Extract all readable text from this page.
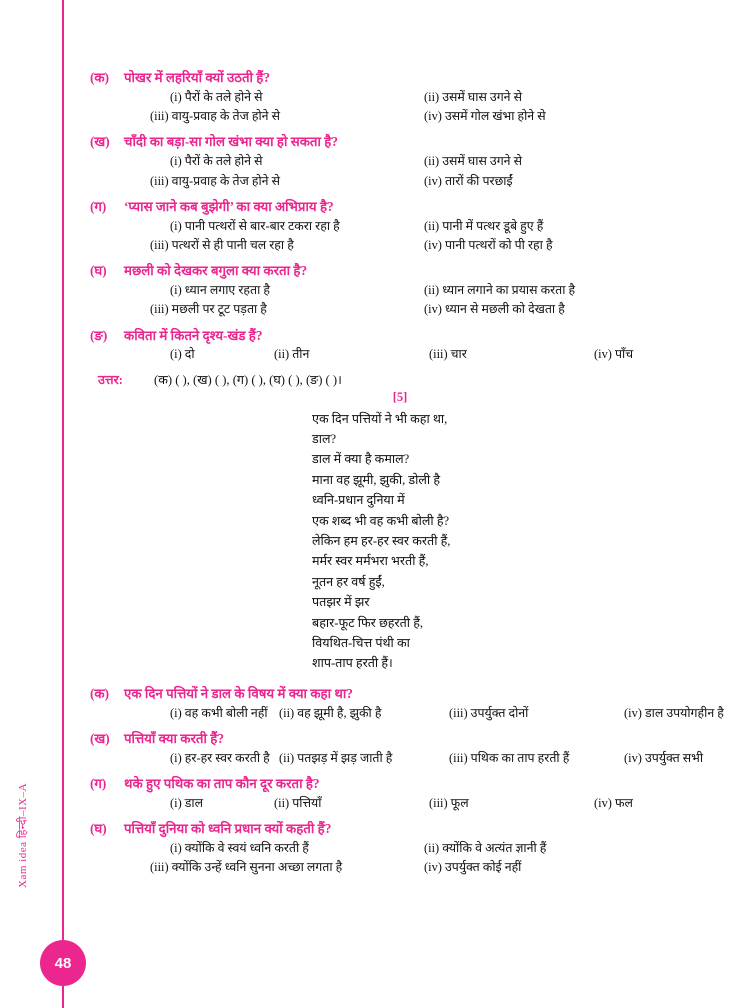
Xam idea हिन्दी–IX–A
48
(क)	पोखर में लहरियाँ क्यों उठती हैं?
(i) पैरों के तले होने से	(ii) उसमें घास उगने से
(iii) वायु-प्रवाह के तेज होने से	(iv) उसमें गोल खंभा होने से
(ख)	चाँदी का बड़ा-सा गोल खंभा क्या हो सकता है?
(i) पैरों के तले होने से	(ii) उसमें घास उगने से
(iii) वायु-प्रवाह के तेज होने से	(iv) तारों की परछाईं
(ग)	‘प्यास जाने कब बुझेगी’ का क्या अभिप्राय है?
(i) पानी पत्थरों से बार-बार टकरा रहा है	(ii) पानी में पत्थर डूबे हुए हैं
(iii) पत्थरों से ही पानी चल रहा है	(iv) पानी पत्थरों को पी रहा है
(घ)	मछली को देखकर बगुला क्या करता है?
(i) ध्यान लगाए रहता है	(ii) ध्यान लगाने का प्रयास करता है
(iii) मछली पर टूट पड़ता है	(iv) ध्यान से मछली को देखता है
(ङ)	कविता में कितने दृश्य-खंड हैं?
(i) दो	(ii) तीन	(iii) चार	(iv) पाँच
उत्तर:	(क) ( ), (ख) ( ), (ग) ( ), (घ) ( ), (ङ) ( )।
[5]
एक दिन पत्तियों ने भी कहा था,
डाल?
डाल में क्या है कमाल?
माना वह झूमी, झुकी, डोली है
ध्वनि-प्रधान दुनिया में
एक शब्द भी वह कभी बोली है?
लेकिन हम हर-हर स्वर करती हैं,
मर्मर स्वर मर्मभरा भरती हैं,
नूतन हर वर्ष हुईं,
पतझर में झर
बहार-फूट फिर छहरती हैं,
वियथित-चित्त पंथी का
शाप-ताप हरती हैं।
(क)	एक दिन पत्तियों ने डाल के विषय में क्या कहा था?
(i) वह कभी बोली नहीं (ii) वह झूमी है, झुकी है	(iii) उपर्युक्त दोनों	(iv) डाल उपयोगहीन है
(ख)	पत्तियाँ क्या करती हैं?
(i) हर-हर स्वर करती है (ii) पतझड़ में झड़ जाती है	(iii) पथिक का ताप हरती हैं	(iv) उपर्युक्त सभी
(ग)	थके हुए पथिक का ताप कौन दूर करता है?
(i) डाल	(ii) पत्तियाँ	(iii) फूल	(iv) फल
(घ)	पत्तियाँ दुनिया को ध्वनि प्रधान क्यों कहती हैं?
(i) क्योंकि वे स्वयं ध्वनि करती हैं	(ii) क्योंकि वे अत्यंत ज्ञानी हैं
(iii) क्योंकि उन्हें ध्वनि सुनना अच्छा लगता है	(iv) उपर्युक्त कोई नहीं
